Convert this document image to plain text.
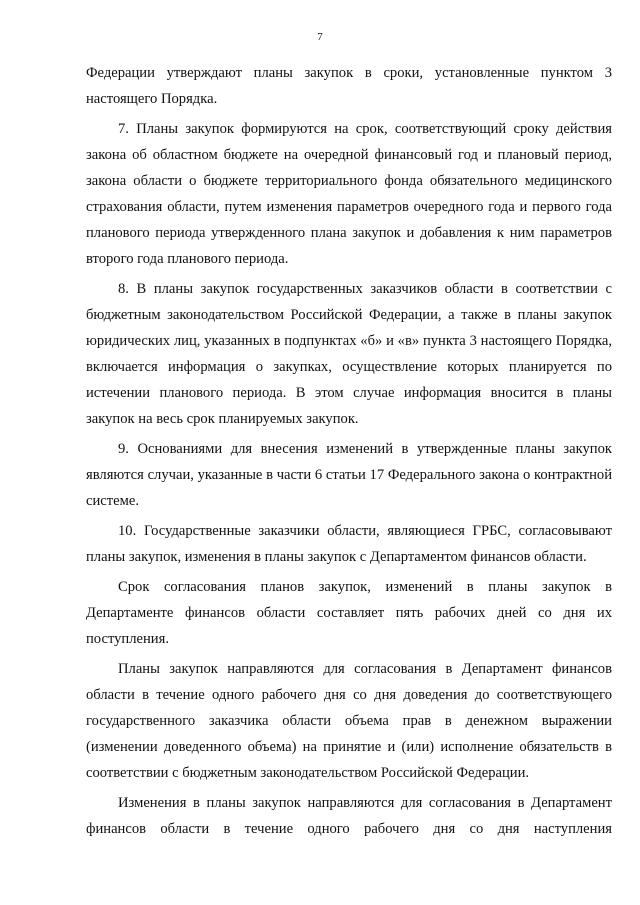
7

Федерации утверждают планы закупок в сроки, установленные пунктом 3 настоящего Порядка.

7. Планы закупок формируются на срок, соответствующий сроку действия закона об областном бюджете на очередной финансовый год и плановый период, закона области о бюджете территориального фонда обязательного медицинского страхования области, путем изменения параметров очередного года и первого года планового периода утвержденного плана закупок и добавления к ним параметров второго года планового периода.

8. В планы закупок государственных заказчиков области в соответствии с бюджетным законодательством Российской Федерации, а также в планы закупок юридических лиц, указанных в подпунктах «б» и «в» пункта 3 настоящего Порядка, включается информация о закупках, осуществление которых планируется по истечении планового периода. В этом случае информация вносится в планы закупок на весь срок планируемых закупок.

9. Основаниями для внесения изменений в утвержденные планы закупок являются случаи, указанные в части 6 статьи 17 Федерального закона о контрактной системе.

10. Государственные заказчики области, являющиеся ГРБС, согласовывают планы закупок, изменения в планы закупок с Департаментом финансов области.

Срок согласования планов закупок, изменений в планы закупок в Департаменте финансов области составляет пять рабочих дней со дня их поступления.

Планы закупок направляются для согласования в Департамент финансов области в течение одного рабочего дня со дня доведения до соответствующего государственного заказчика области объема прав в денежном выражении (изменении доведенного объема) на принятие и (или) исполнение обязательств в соответствии с бюджетным законодательством Российской Федерации.

Изменения в планы закупок направляются для согласования в Департамент финансов области в течение одного рабочего дня со дня наступления
